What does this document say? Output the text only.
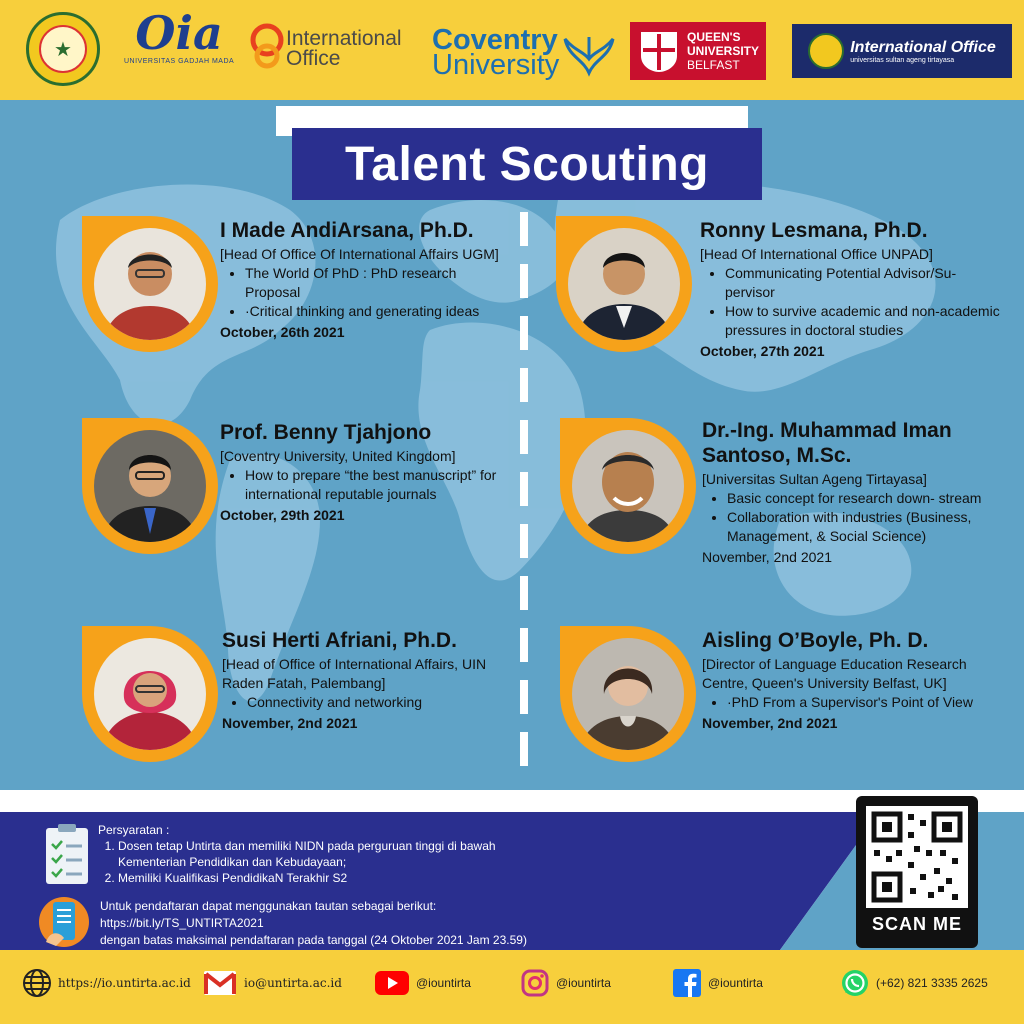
★	Oia
UNIVERSITAS GADJAH MADA
International
Office
Coventry
University
QUEEN'S
UNIVERSITY
BELFAST
International Office
universitas sultan ageng tirtayasa
Talent Scouting
I Made AndiArsana, Ph.D.
[Head Of Office Of International Affairs UGM]
• The World Of PhD : PhD research Proposal
• ·Critical thinking and generating ideas
October, 26th 2021
Ronny Lesmana, Ph.D.
[Head Of International Office UNPAD]
• Communicating Potential Advisor/Su-pervisor
• How to survive academic and non-academic pressures in doctoral studies
October, 27th 2021
Prof. Benny Tjahjono
[Coventry University, United Kingdom]
• How to prepare “the best manuscript” for international reputable journals
October, 29th 2021
Dr.-Ing. Muhammad Iman Santoso, M.Sc.
[Universitas Sultan Ageng Tirtayasa]
• Basic concept for research down- stream
• Collaboration with industries (Business, Management, & Social Science)
November, 2nd 2021
Susi Herti Afriani, Ph.D.
[Head of Office of International Affairs, UIN Raden Fatah, Palembang]
• Connectivity and networking
November, 2nd 2021
Aisling O’Boyle, Ph. D.
[Director of Language Education Research Centre, Queen's University Belfast, UK]
• ·PhD From a Supervisor's Point of View
November, 2nd 2021
Persyaratan :
1. Dosen tetap Untirta dan memiliki NIDN pada perguruan tinggi di bawah Kementerian Pendidikan dan Kebudayaan;
2. Memiliki Kualifikasi PendidikaN Terakhir S2
Untuk pendaftaran dapat menggunakan tautan sebagai berikut:
https://bit.ly/TS_UNTIRTA2021
dengan batas maksimal pendaftaran pada tanggal (24 Oktober 2021 Jam 23.59)
SCAN ME
https://io.untirta.ac.id	io@untirta.ac.id	@iountirta	@iountirta	@iountirta	(+62) 821 3335 2625
